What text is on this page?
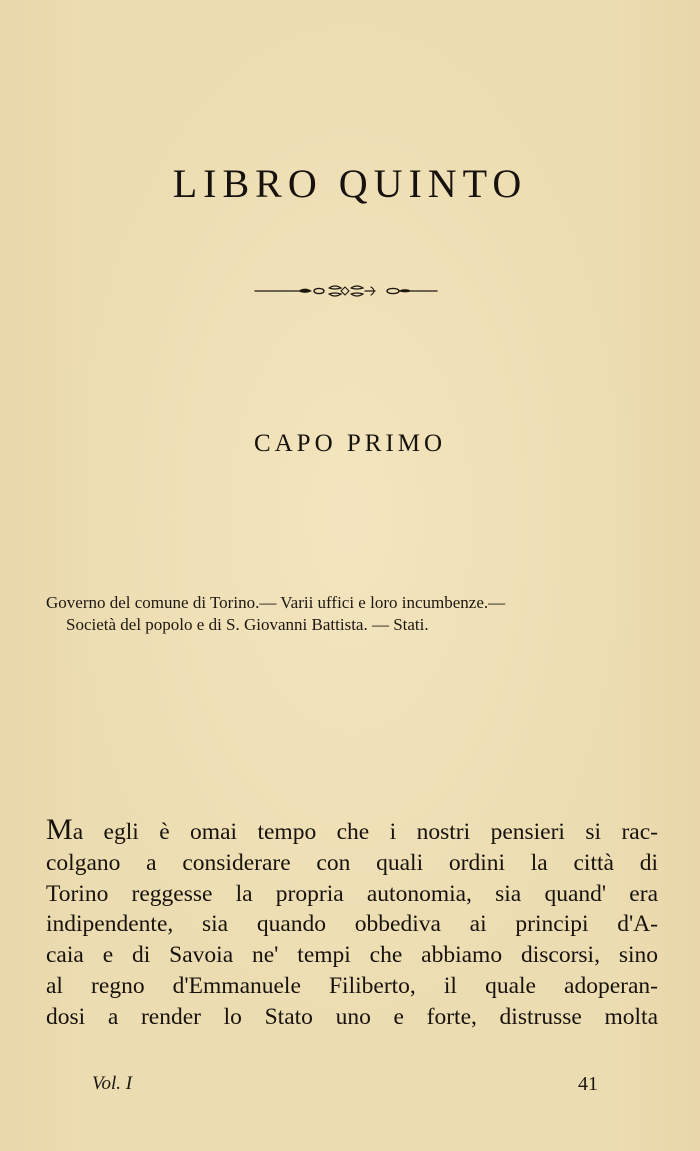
LIBRO QUINTO
CAPO PRIMO
Governo del comune di Torino.— Varii uffici e loro incumbenze.—
Società del popolo e di S. Giovanni Battista. — Stati.
Ma egli è omai tempo che i nostri pensieri si rac-
colgano a considerare con quali ordini la città di
Torino reggesse la propria autonomia, sia quand' era
indipendente, sia quando obbediva ai principi d'A-
caia e di Savoia ne' tempi che abbiamo discorsi, sino
al regno d'Emmanuele Filiberto, il quale adoperan-
dosi a render lo Stato uno e forte, distrusse molta
Vol. I	41
